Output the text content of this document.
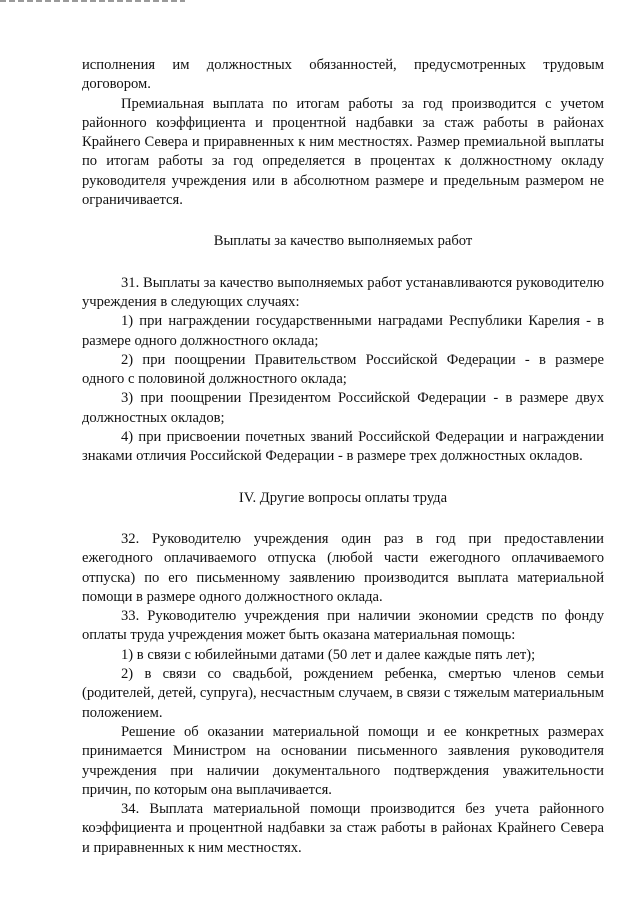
исполнения им должностных обязанностей, предусмотренных трудовым договором.

Премиальная выплата по итогам работы за год производится с учетом районного коэффициента и процентной надбавки за стаж работы в районах Крайнего Севера и приравненных к ним местностях. Размер премиальной выплаты по итогам работы за год определяется в процентах к должностному окладу руководителя учреждения или в абсолютном размере и предельным размером не ограничивается.

Выплаты за качество выполняемых работ

31. Выплаты за качество выполняемых работ устанавливаются руководителю учреждения в следующих случаях:

1) при награждении государственными наградами Республики Карелия - в размере одного должностного оклада;

2) при поощрении Правительством Российской Федерации - в размере одного с половиной должностного оклада;

3) при поощрении Президентом Российской Федерации - в размере двух должностных окладов;

4) при присвоении почетных званий Российской Федерации и награждении знаками отличия Российской Федерации - в размере трех должностных окладов.

IV. Другие вопросы оплаты труда

32. Руководителю учреждения один раз в год при предоставлении ежегодного оплачиваемого отпуска (любой части ежегодного оплачиваемого отпуска) по его письменному заявлению производится выплата материальной помощи в размере одного должностного оклада.

33. Руководителю учреждения при наличии экономии средств по фонду оплаты труда учреждения может быть оказана материальная помощь:

1) в связи с юбилейными датами (50 лет и далее каждые пять лет);

2) в связи со свадьбой, рождением ребенка, смертью членов семьи (родителей, детей, супруга), несчастным случаем, в связи с тяжелым материальным положением.

Решение об оказании материальной помощи и ее конкретных размерах принимается Министром на основании письменного заявления руководителя учреждения при наличии документального подтверждения уважительности причин, по которым она выплачивается.

34. Выплата материальной помощи производится без учета районного коэффициента и процентной надбавки за стаж работы в районах Крайнего Севера и приравненных к ним местностях.
